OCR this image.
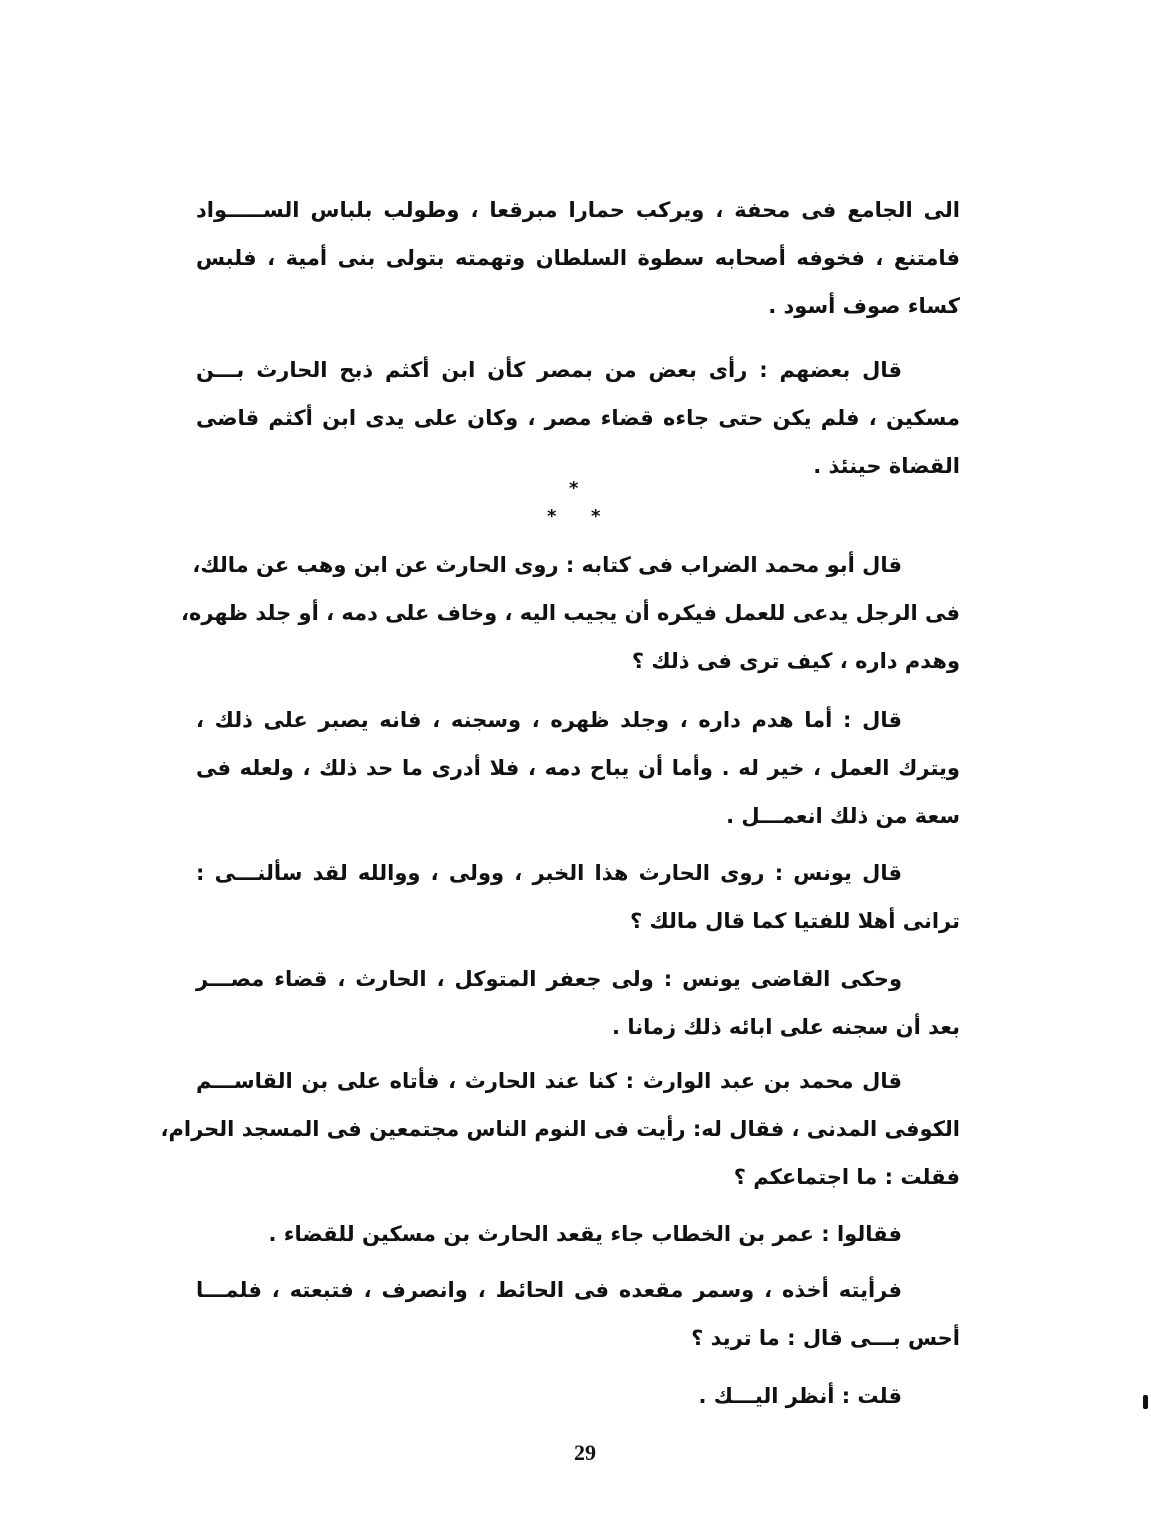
الى الجامع فى محفة ، ويركب حمارا مبرقعا ، وطولب بلباس الســـــواد
فامتنع ، فخوفه أصحابه سطوة السلطان وتهمته بتولى بنى أمية ، فلبس
كساء صوف أسود .
قال بعضهم : رأى بعض من بمصر كأن ابن أكثم ذبح الحارث بـــن
مسكين ، فلم يكن حتى جاءه قضاء مصر ، وكان على يدى ابن أكثم قاضى
القضاة حينئذ .
*
* *
قال أبو محمد الضراب فى كتابه : روى الحارث عن ابن وهب عن مالك،
فى الرجل يدعى للعمل فيكره أن يجيب اليه ، وخاف على دمه ، أو جلد ظهره،
وهدم داره ، كيف ترى فى ذلك ؟
قال : أما هدم داره ، وجلد ظهره ، وسجنه ، فانه يصبر على ذلك ،
ويترك العمل ، خير له . وأما أن يباح دمه ، فلا أدرى ما حد ذلك ، ولعله فى
سعة من ذلك انعمـــل .
قال يونس : روى الحارث هذا الخبر ، وولى ، ووالله لقد سألنـــى :
ترانى أهلا للفتيا كما قال مالك ؟
وحكى القاضى يونس : ولى جعفر المتوكل ، الحارث ، قضاء مصـــر
بعد أن سجنه على ابائه ذلك زمانا .
قال محمد بن عبد الوارث : كنا عند الحارث ، فأتاه على بن القاســـم
الكوفى المدنى ، فقال له: رأيت فى النوم الناس مجتمعين فى المسجد الحرام،
فقلت : ما اجتماعكم ؟
فقالوا : عمر بن الخطاب جاء يقعد الحارث بن مسكين للقضاء .
فرأيته أخذه ، وسمر مقعده فى الحائط ، وانصرف ، فتبعته ، فلمـــا
أحس بـــى قال : ما تريد ؟
قلت : أنظر اليـــك .
29
